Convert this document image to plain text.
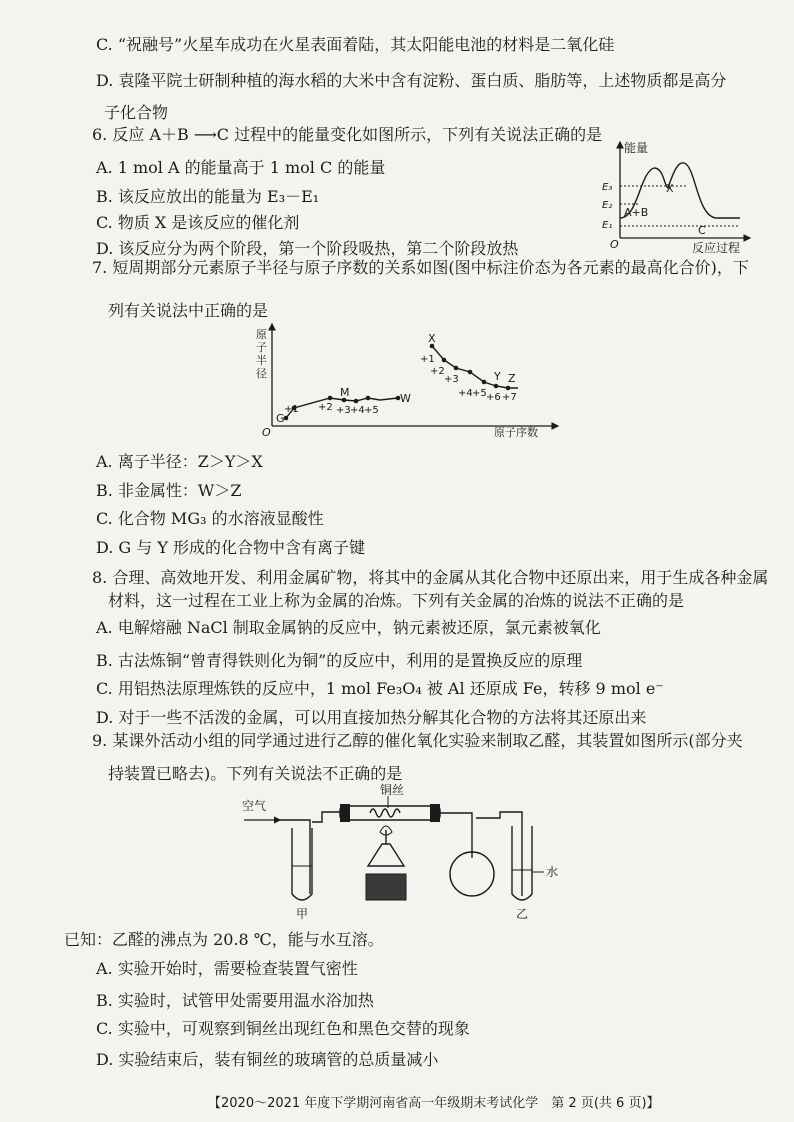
C. “祝融号”火星车成功在火星表面着陆，其太阳能电池的材料是二氧化硅
D. 袁隆平院士研制种植的海水稻的大米中含有淀粉、蛋白质、脂肪等，上述物质都是高分
子化合物
6. 反应 A＋B ⟶C 过程中的能量变化如图所示，下列有关说法正确的是
A. 1 mol A 的能量高于 1 mol C 的能量
B. 该反应放出的能量为 E₃－E₁
C. 物质 X 是该反应的催化剂
D. 该反应分为两个阶段，第一个阶段吸热，第二个阶段放热
能量
反应过程
O
E₃
E₂
E₁
X
A+B
C
7. 短周期部分元素原子半径与原子序数的关系如图(图中标注价态为各元素的最高化合价)，下
列有关说法中正确的是
原
子
半
径
原子序数
O
G
+1 +2 +3 +4 +5
M	W
X
+1
+2
+3
+4 +5 +6 +7
Y Z
A. 离子半径：Z＞Y＞X
B. 非金属性：W＞Z
C. 化合物 MG₃ 的水溶液显酸性
D. G 与 Y 形成的化合物中含有离子键
8. 合理、高效地开发、利用金属矿物，将其中的金属从其化合物中还原出来，用于生成各种金属
材料，这一过程在工业上称为金属的冶炼。下列有关金属的冶炼的说法不正确的是
A. 电解熔融 NaCl 制取金属钠的反应中，钠元素被还原，氯元素被氧化
B. 古法炼铜“曾青得铁则化为铜”的反应中，利用的是置换反应的原理
C. 用铝热法原理炼铁的反应中，1 mol Fe₃O₄ 被 Al 还原成 Fe，转移 9 mol e⁻
D. 对于一些不活泼的金属，可以用直接加热分解其化合物的方法将其还原出来
9. 某课外活动小组的同学通过进行乙醇的催化氧化实验来制取乙醛，其装置如图所示(部分夹
持装置已略去)。下列有关说法不正确的是
空气
甲
铜丝
水
乙
已知：乙醛的沸点为 20.8 ℃，能与水互溶。
A. 实验开始时，需要检查装置气密性
B. 实验时，试管甲处需要用温水浴加热
C. 实验中，可观察到铜丝出现红色和黑色交替的现象
D. 实验结束后，装有铜丝的玻璃管的总质量减小
【2020～2021 年度下学期河南省高一年级期末考试化学　第 2 页(共 6 页)】
